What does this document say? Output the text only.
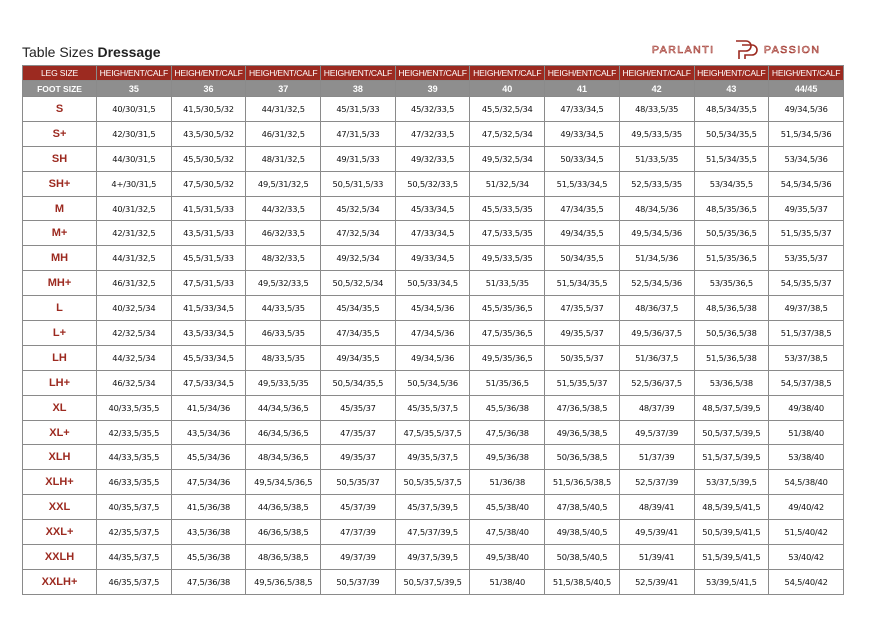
Table Sizes Dressage	PARLANTI	PASSION
LEG SIZE	HEIGH/ENT/CALF	HEIGH/ENT/CALF	HEIGH/ENT/CALF	HEIGH/ENT/CALF	HEIGH/ENT/CALF	HEIGH/ENT/CALF	HEIGH/ENT/CALF	HEIGH/ENT/CALF	HEIGH/ENT/CALF	HEIGH/ENT/CALF
FOOT SIZE	35	36	37	38	39	40	41	42	43	44/45
S	40/30/31,5	41,5/30,5/32	44/31/32,5	45/31,5/33	45/32/33,5	45,5/32,5/34	47/33/34,5	48/33,5/35	48,5/34/35,5	49/34,5/36
S+	42/30/31,5	43,5/30,5/32	46/31/32,5	47/31,5/33	47/32/33,5	47,5/32,5/34	49/33/34,5	49,5/33,5/35	50,5/34/35,5	51,5/34,5/36
SH	44/30/31,5	45,5/30,5/32	48/31/32,5	49/31,5/33	49/32/33,5	49,5/32,5/34	50/33/34,5	51/33,5/35	51,5/34/35,5	53/34,5/36
SH+	4+/30/31,5	47,5/30,5/32	49,5/31/32,5	50,5/31,5/33	50,5/32/33,5	51/32,5/34	51,5/33/34,5	52,5/33,5/35	53/34/35,5	54,5/34,5/36
M	40/31/32,5	41,5/31,5/33	44/32/33,5	45/32,5/34	45/33/34,5	45,5/33,5/35	47/34/35,5	48/34,5/36	48,5/35/36,5	49/35,5/37
M+	42/31/32,5	43,5/31,5/33	46/32/33,5	47/32,5/34	47/33/34,5	47,5/33,5/35	49/34/35,5	49,5/34,5/36	50,5/35/36,5	51,5/35,5/37
MH	44/31/32,5	45,5/31,5/33	48/32/33,5	49/32,5/34	49/33/34,5	49,5/33,5/35	50/34/35,5	51/34,5/36	51,5/35/36,5	53/35,5/37
MH+	46/31/32,5	47,5/31,5/33	49,5/32/33,5	50,5/32,5/34	50,5/33/34,5	51/33,5/35	51,5/34/35,5	52,5/34,5/36	53/35/36,5	54,5/35,5/37
L	40/32,5/34	41,5/33/34,5	44/33,5/35	45/34/35,5	45/34,5/36	45,5/35/36,5	47/35,5/37	48/36/37,5	48,5/36,5/38	49/37/38,5
L+	42/32,5/34	43,5/33/34,5	46/33,5/35	47/34/35,5	47/34,5/36	47,5/35/36,5	49/35,5/37	49,5/36/37,5	50,5/36,5/38	51,5/37/38,5
LH	44/32,5/34	45,5/33/34,5	48/33,5/35	49/34/35,5	49/34,5/36	49,5/35/36,5	50/35,5/37	51/36/37,5	51,5/36,5/38	53/37/38,5
LH+	46/32,5/34	47,5/33/34,5	49,5/33,5/35	50,5/34/35,5	50,5/34,5/36	51/35/36,5	51,5/35,5/37	52,5/36/37,5	53/36,5/38	54,5/37/38,5
XL	40/33,5/35,5	41,5/34/36	44/34,5/36,5	45/35/37	45/35,5/37,5	45,5/36/38	47/36,5/38,5	48/37/39	48,5/37,5/39,5	49/38/40
XL+	42/33,5/35,5	43,5/34/36	46/34,5/36,5	47/35/37	47,5/35,5/37,5	47,5/36/38	49/36,5/38,5	49,5/37/39	50,5/37,5/39,5	51/38/40
XLH	44/33,5/35,5	45,5/34/36	48/34,5/36,5	49/35/37	49/35,5/37,5	49,5/36/38	50/36,5/38,5	51/37/39	51,5/37,5/39,5	53/38/40
XLH+	46/33,5/35,5	47,5/34/36	49,5/34,5/36,5	50,5/35/37	50,5/35,5/37,5	51/36/38	51,5/36,5/38,5	52,5/37/39	53/37,5/39,5	54,5/38/40
XXL	40/35,5/37,5	41,5/36/38	44/36,5/38,5	45/37/39	45/37,5/39,5	45,5/38/40	47/38,5/40,5	48/39/41	48,5/39,5/41,5	49/40/42
XXL+	42/35,5/37,5	43,5/36/38	46/36,5/38,5	47/37/39	47,5/37/39,5	47,5/38/40	49/38,5/40,5	49,5/39/41	50,5/39,5/41,5	51,5/40/42
XXLH	44/35,5/37,5	45,5/36/38	48/36,5/38,5	49/37/39	49/37,5/39,5	49,5/38/40	50/38,5/40,5	51/39/41	51,5/39,5/41,5	53/40/42
XXLH+	46/35,5/37,5	47,5/36/38	49,5/36,5/38,5	50,5/37/39	50,5/37,5/39,5	51/38/40	51,5/38,5/40,5	52,5/39/41	53/39,5/41,5	54,5/40/42
